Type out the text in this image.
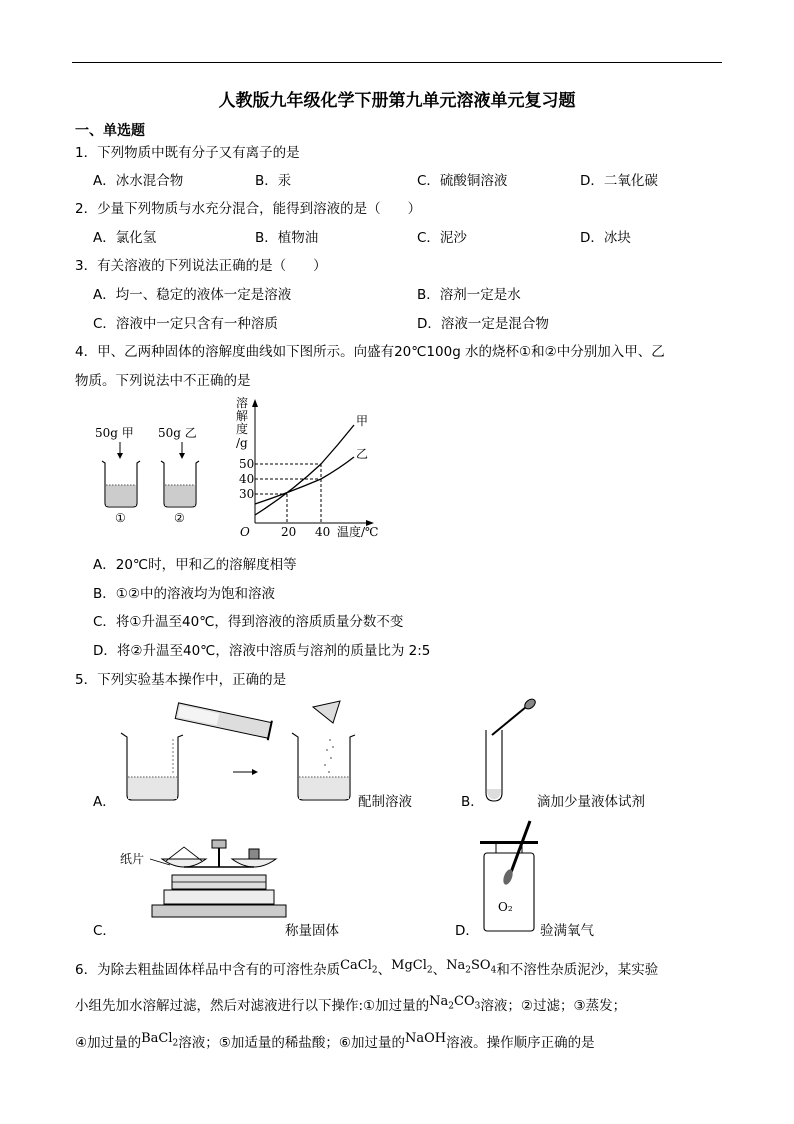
人教版九年级化学下册第九单元溶液单元复习题
一、单选题
1．下列物质中既有分子又有离子的是
A．冰水混合物	B．汞	C．硫酸铜溶液	D．二氧化碳
2．少量下列物质与水充分混合，能得到溶液的是（　　）
A．氯化氢	B．植物油	C．泥沙	D．冰块
3．有关溶液的下列说法正确的是（　　）
A．均一、稳定的液体一定是溶液	B．溶剂一定是水
C．溶液中一定只含有一种溶质	D．溶液一定是混合物
4．甲、乙两种固体的溶解度曲线如下图所示。向盛有20℃100g 水的烧杯①和②中分别加入甲、乙
物质。下列说法中不正确的是
50g 甲 50g 乙
①	②
溶
解
度
/g
O
50
40
30
20 40 温度/℃
甲
乙
A．20℃时，甲和乙的溶解度相等
B．①②中的溶液均为饱和溶液
C．将①升温至40℃，得到溶液的溶质质量分数不变
D．将②升温至40℃，溶液中溶质与溶剂的质量比为 2:5
5．下列实验基本操作中，正确的是
A．	配制溶液	B．	滴加少量液体试剂
纸片
C．	称量固体
O₂
D．	验满氧气
6．为除去粗盐固体样品中含有的可溶性杂质CaCl$_2$、MgCl$_2$、$Na_2SO_4$和不溶性杂质泥沙，某实验
小组先加水溶解过滤，然后对滤液进行以下操作:①加过量的$Na_2CO_3$溶液；②过滤；③蒸发；
④加过量的BaCl$_2$溶液；⑤加适量的稀盐酸；⑥加过量的NaOH溶液。操作顺序正确的是
